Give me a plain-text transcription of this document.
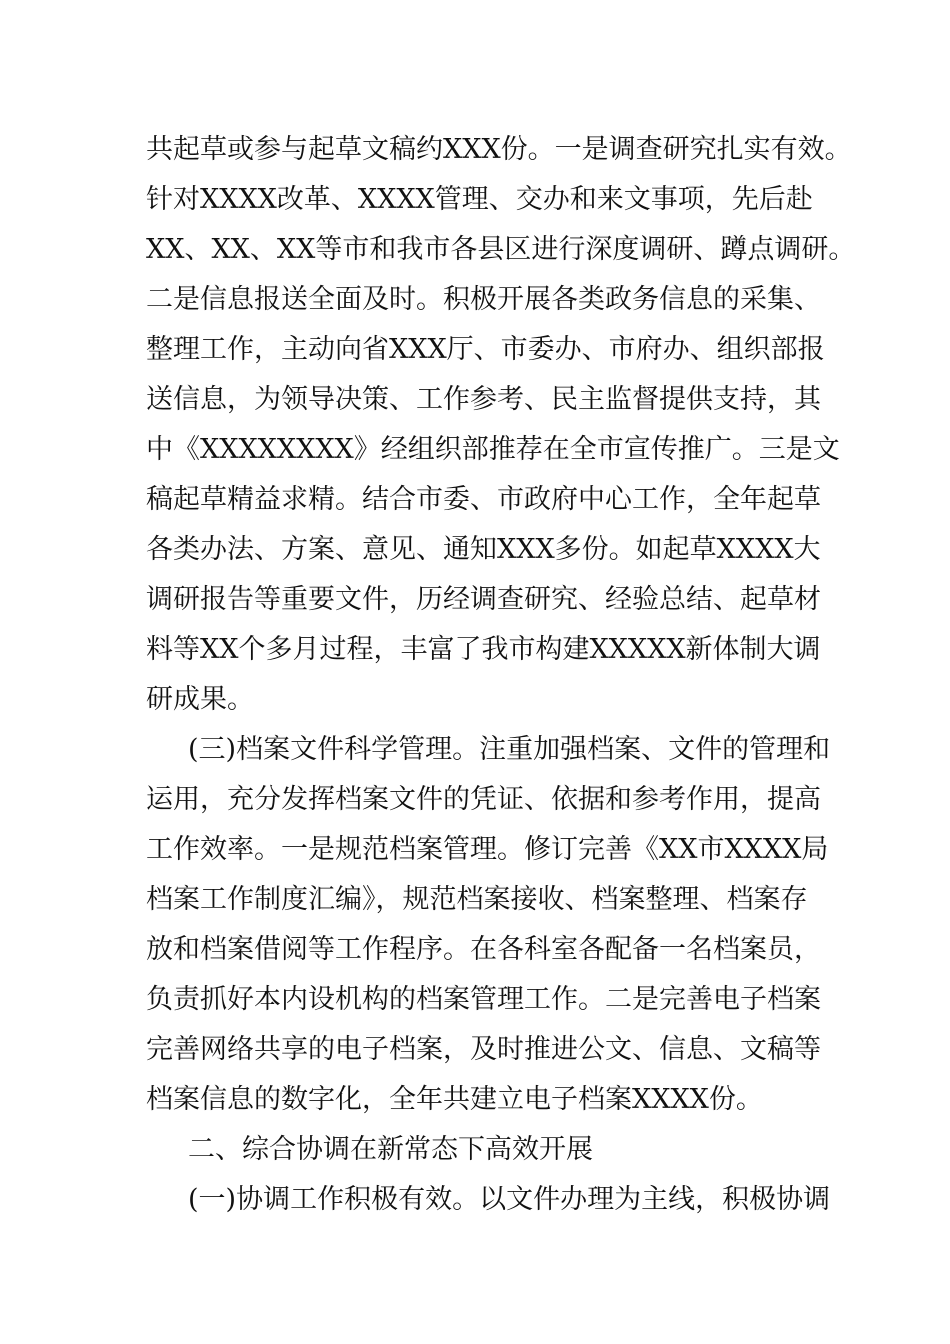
共起草或参与起草文稿约XXX份。一是调查研究扎实有效。
针对XXXX改革、XXXX管理、交办和来文事项，先后赴
XX、XX、XX等市和我市各县区进行深度调研、蹲点调研。
二是信息报送全面及时。积极开展各类政务信息的采集、
整理工作，主动向省XXX厅、市委办、市府办、组织部报
送信息，为领导决策、工作参考、民主监督提供支持，其
中《XXXXXXXX》经组织部推荐在全市宣传推广。三是文
稿起草精益求精。结合市委、市政府中心工作，全年起草
各类办法、方案、意见、通知XXX多份。如起草XXXX大
调研报告等重要文件，历经调查研究、经验总结、起草材
料等XX个多月过程，丰富了我市构建XXXXX新体制大调
研成果。
(三)档案文件科学管理。注重加强档案、文件的管理和
运用，充分发挥档案文件的凭证、依据和参考作用，提高
工作效率。一是规范档案管理。修订完善《XX市XXXX局
档案工作制度汇编》，规范档案接收、档案整理、档案存
放和档案借阅等工作程序。在各科室各配备一名档案员，
负责抓好本内设机构的档案管理工作。二是完善电子档案
完善网络共享的电子档案，及时推进公文、信息、文稿等
档案信息的数字化，全年共建立电子档案XXXX份。
二、综合协调在新常态下高效开展
(一)协调工作积极有效。以文件办理为主线，积极协调
